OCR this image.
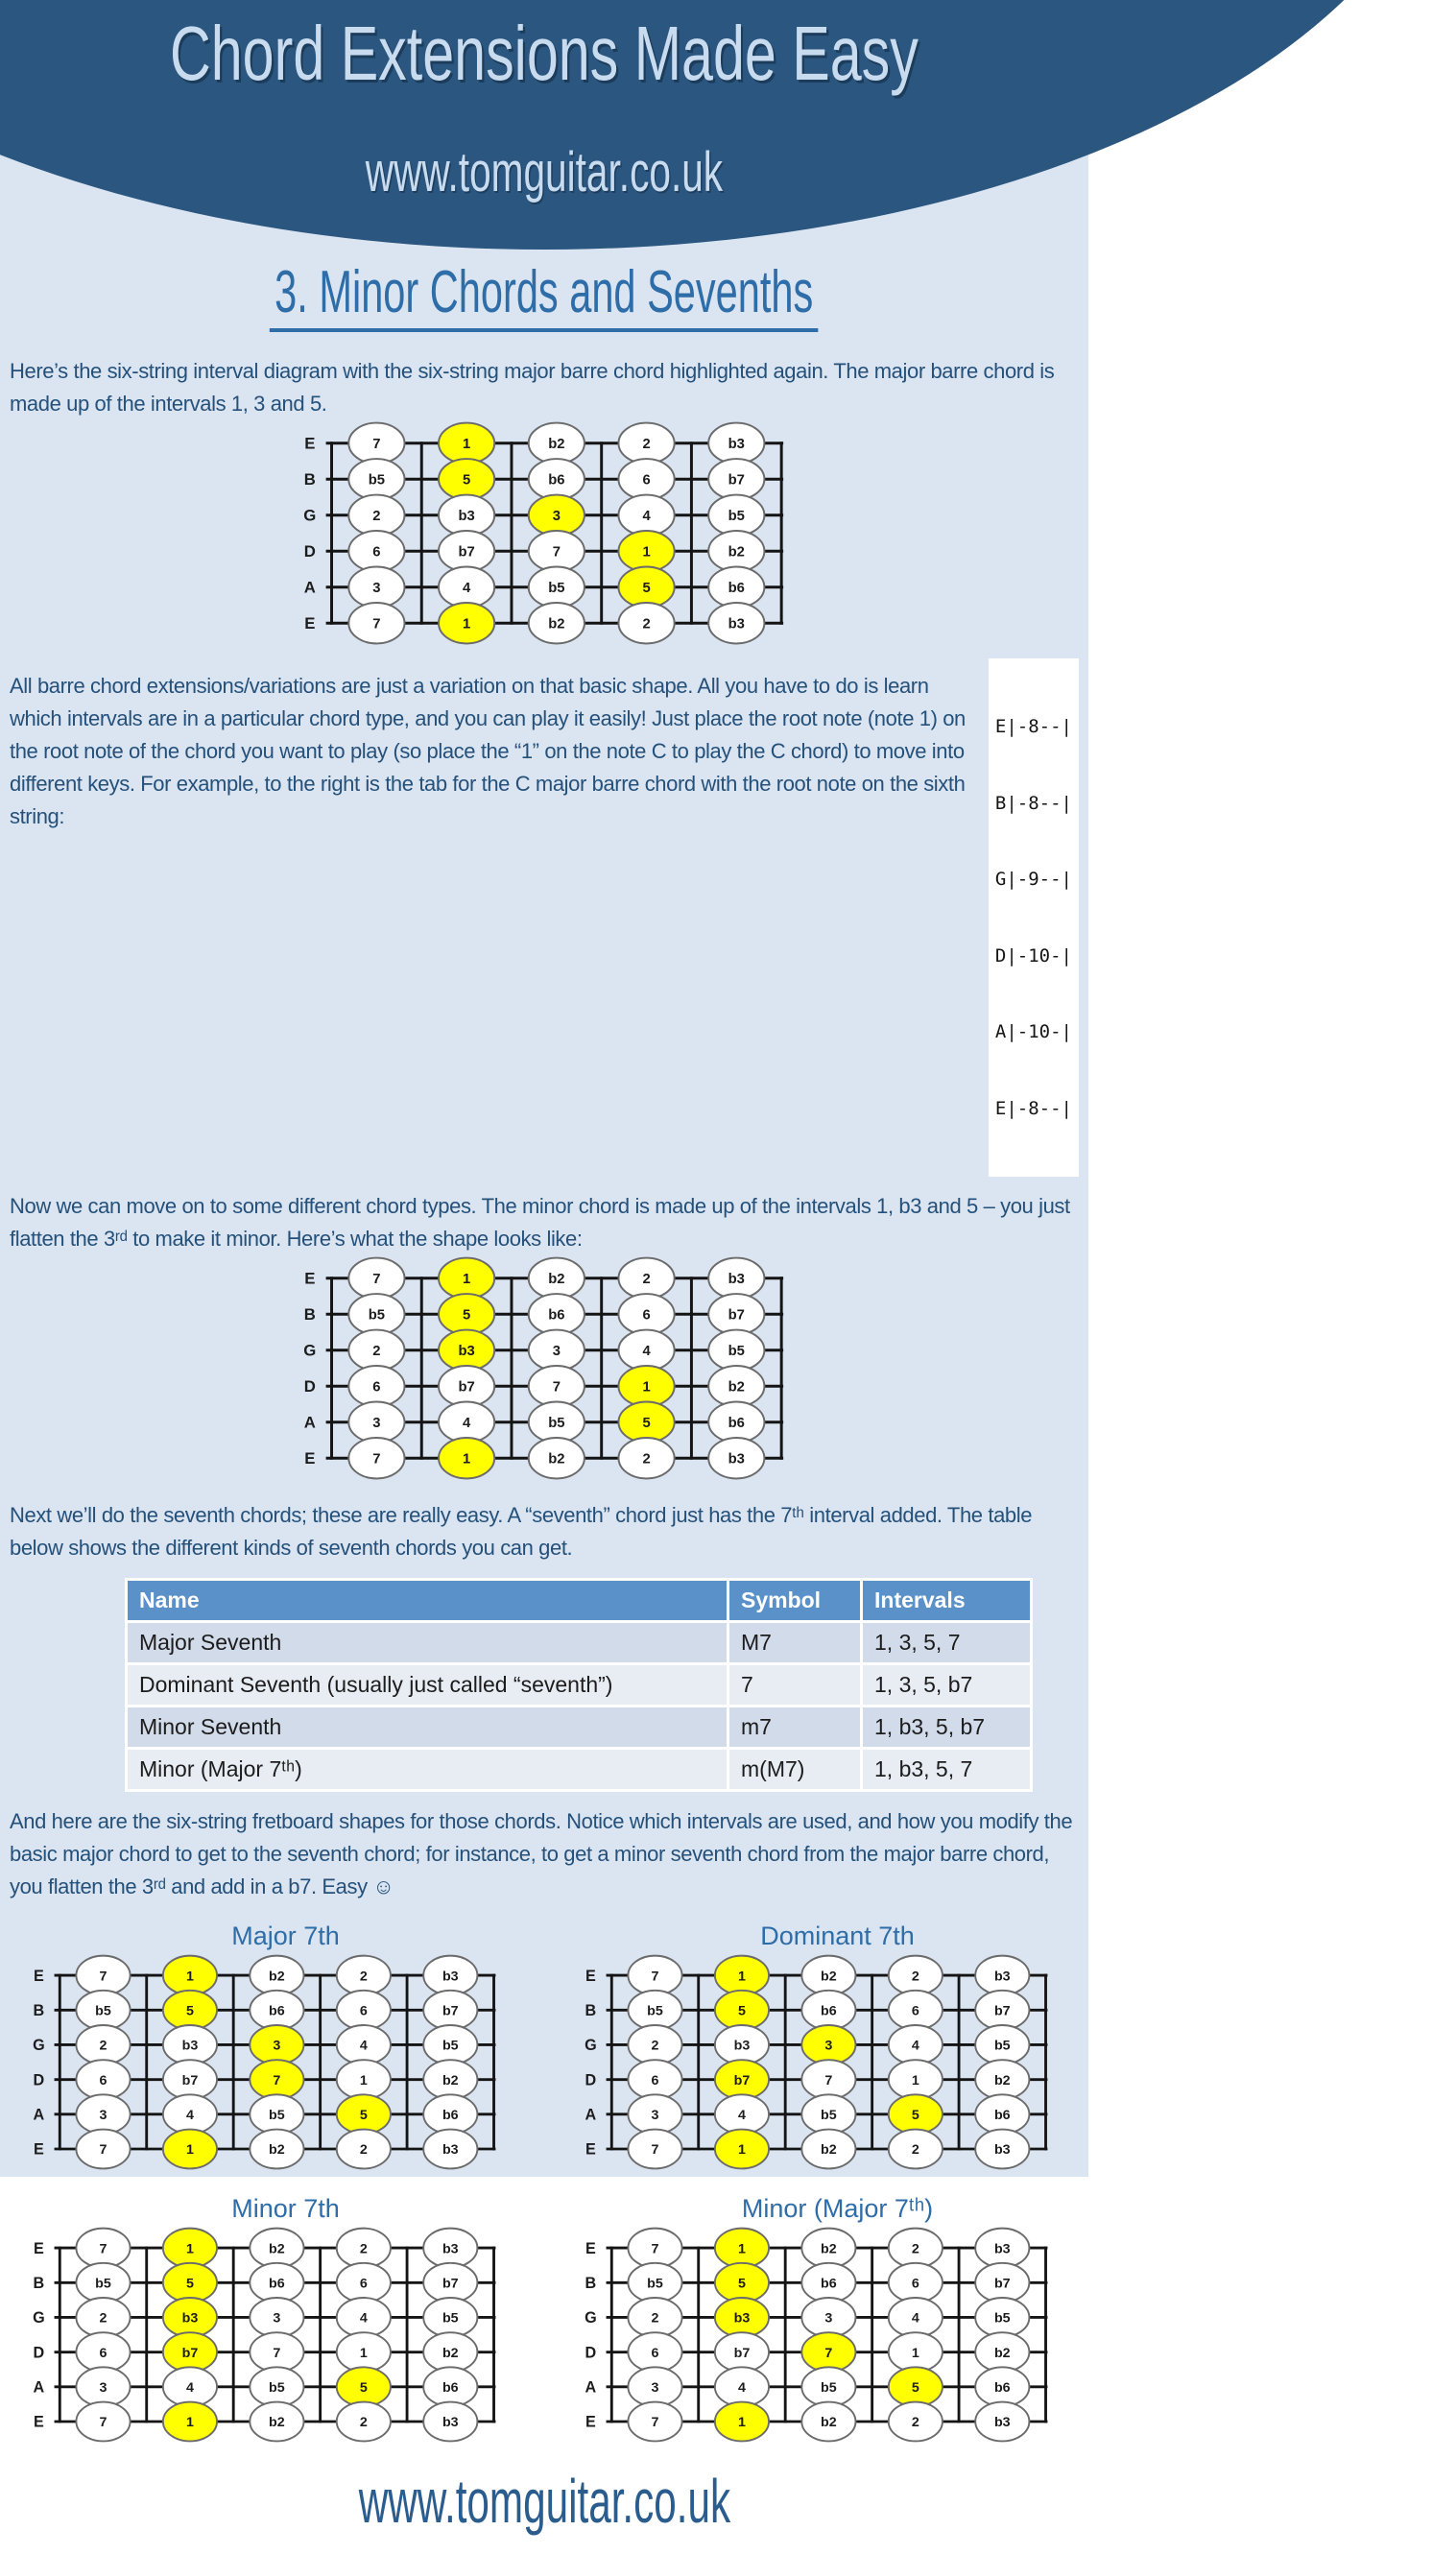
Chord Extensions Made Easy
www.tomguitar.co.uk
3. Minor Chords and Sevenths
Here’s the six-string interval diagram with the six-string major barre chord highlighted again. The major barre chord is made up of the intervals 1, 3 and 5.
E
B
G
D
A
E
7	1	b2	2	b3
b5	5	b6	6	b7
2	b3	3	4	b5
6	b7	7	1	b2
3	4	b5	5	b6
7	1	b2	2	b3
All barre chord extensions/variations are just a variation on that basic shape. All you have to do is learn which intervals are in a particular chord type, and you can play it easily! Just place the root note (note 1) on the root note of the chord you want to play (so place the “1” on the note C to play the C chord) to move into different keys. For example, to the right is the tab for the C major barre chord with the root note on the sixth string:

E|-8--|

B|-8--|

G|-9--|

D|-10-|

A|-10-|

E|-8--|

Now we can move on to some different chord types. The minor chord is made up of the intervals 1, b3 and 5 – you just flatten the 3ʳᵈ to make it minor. Here’s what the shape looks like:
E
B
G
D
A
E
7	1	b2	2	b3
b5	5	b6	6	b7
2	b3	3	4	b5
6	b7	7	1	b2
3	4	b5	5	b6
7	1	b2	2	b3
Next we’ll do the seventh chords; these are really easy. A “seventh” chord just has the 7ᵗʰ interval added. The table below shows the different kinds of seventh chords you can get.
Name	Symbol	Intervals
Major Seventh	M7	1, 3, 5, 7
Dominant Seventh (usually just called “seventh”)	7	1, 3, 5, b7
Minor Seventh	m7	1, b3, 5, b7
Minor (Major 7ᵗʰ)	m(M7)	1, b3, 5, 7
And here are the six-string fretboard shapes for those chords. Notice which intervals are used, and how you modify the basic major chord to get to the seventh chord; for instance, to get a minor seventh chord from the major barre chord, you flatten the 3ʳᵈ and add in a b7. Easy ☺
Major 7th
E
B
G
D
A
E
7	1	b2	2	b3
b5	5	b6	6	b7
2	b3	3	4	b5
6	b7	7	1	b2
3	4	b5	5	b6
7	1	b2	2	b3
Dominant 7th
E
B
G
D
A
E
7	1	b2	2	b3
b5	5	b6	6	b7
2	b3	3	4	b5
6	b7	7	1	b2
3	4	b5	5	b6
7	1	b2	2	b3
Minor 7th
E
B
G
D
A
E
7	1	b2	2	b3
b5	5	b6	6	b7
2	b3	3	4	b5
6	b7	7	1	b2
3	4	b5	5	b6
7	1	b2	2	b3
Minor (Major 7ᵗʰ)
E
B
G
D
A
E
7	1	b2	2	b3
b5	5	b6	6	b7
2	b3	3	4	b5
6	b7	7	1	b2
3	4	b5	5	b6
7	1	b2	2	b3
www.tomguitar.co.uk
